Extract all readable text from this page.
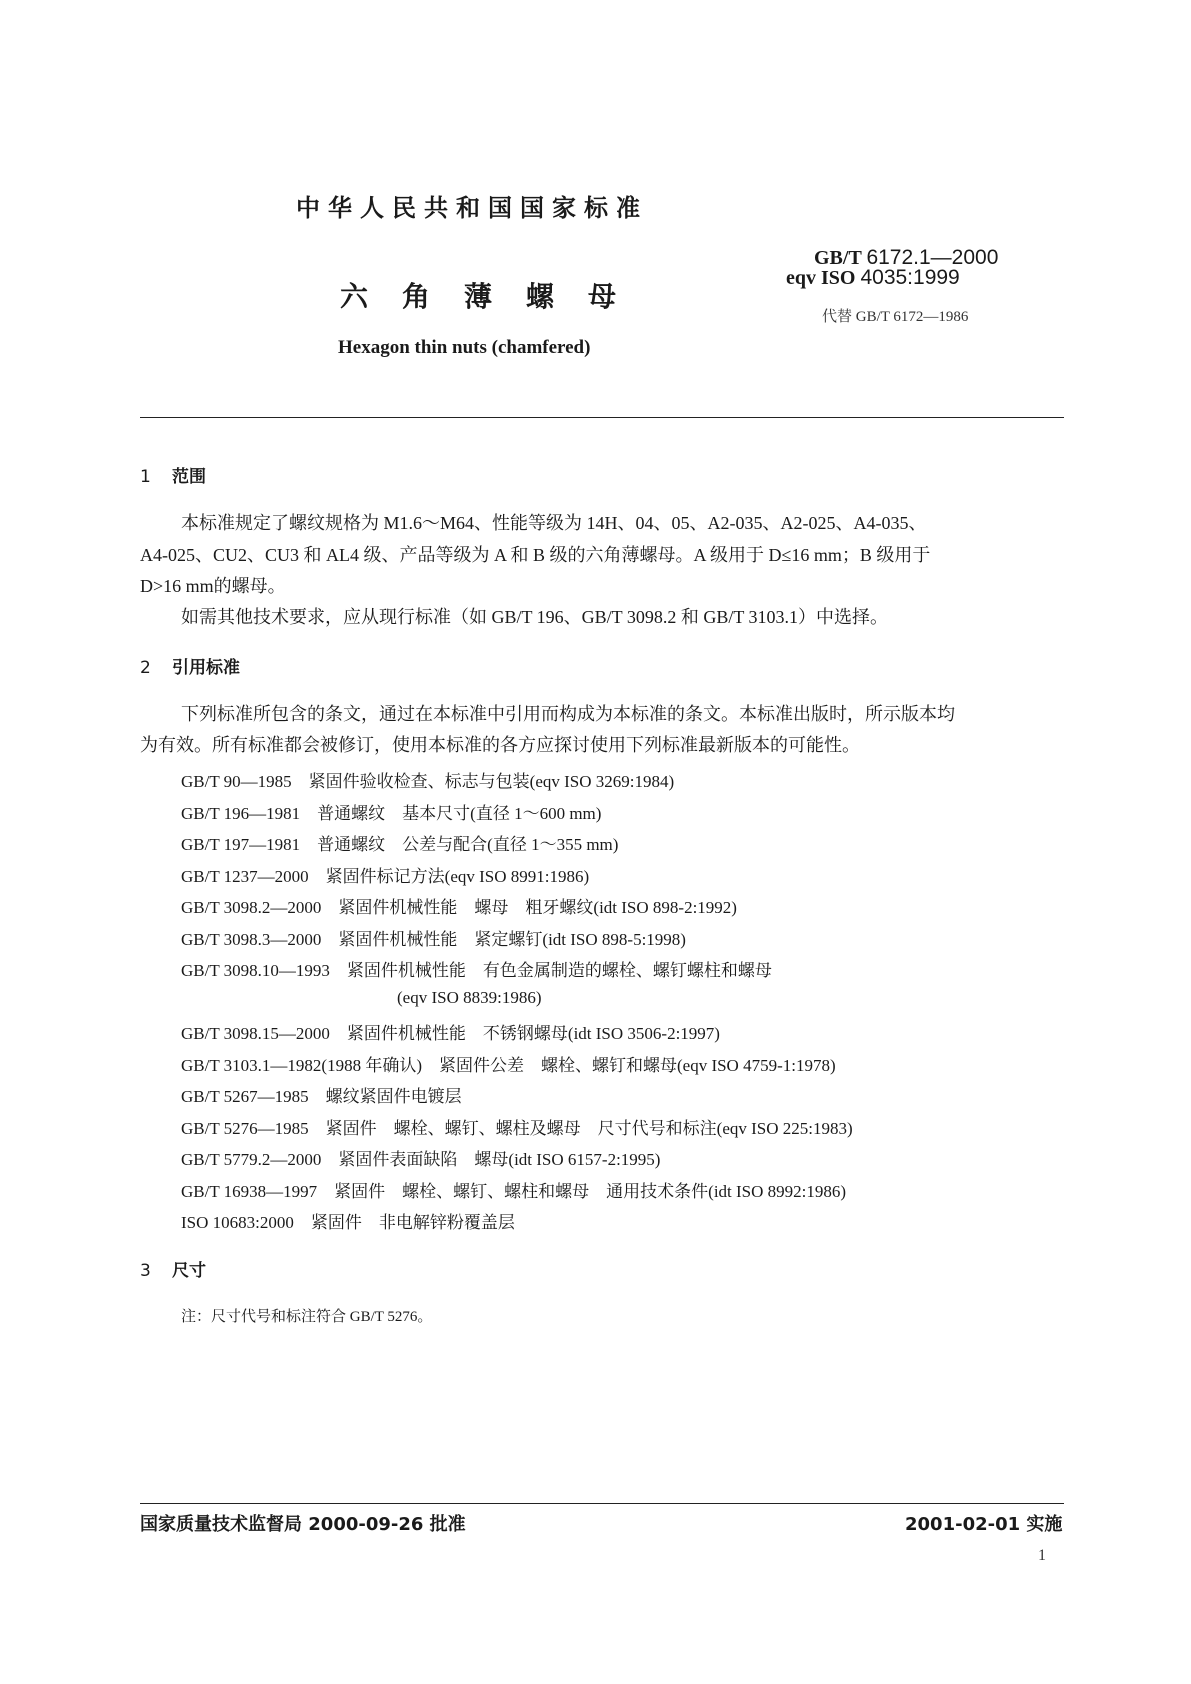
中华人民共和国国家标准
六角薄螺母
Hexagon thin nuts (chamfered)
GB/T 6172.1—2000
eqv ISO 4035:1999
代替 GB/T 6172—1986
1 范围
本标准规定了螺纹规格为 M1.6～M64、性能等级为 14H、04、05、A2-035、A2-025、A4-035、
A4-025、CU2、CU3 和 AL4 级、产品等级为 A 和 B 级的六角薄螺母。A 级用于 D≤16 mm；B 级用于
D>16 mm的螺母。
如需其他技术要求，应从现行标准（如 GB/T 196、GB/T 3098.2 和 GB/T 3103.1）中选择。
2 引用标准
下列标准所包含的条文，通过在本标准中引用而构成为本标准的条文。本标准出版时，所示版本均
为有效。所有标准都会被修订，使用本标准的各方应探讨使用下列标准最新版本的可能性。
GB/T 90—1985　紧固件验收检查、标志与包装(eqv ISO 3269:1984)
GB/T 196—1981　普通螺纹　基本尺寸(直径 1～600 mm)
GB/T 197—1981　普通螺纹　公差与配合(直径 1～355 mm)
GB/T 1237—2000　紧固件标记方法(eqv ISO 8991:1986)
GB/T 3098.2—2000　紧固件机械性能　螺母　粗牙螺纹(idt ISO 898-2:1992)
GB/T 3098.3—2000　紧固件机械性能　紧定螺钉(idt ISO 898-5:1998)
GB/T 3098.10—1993　紧固件机械性能　有色金属制造的螺栓、螺钉螺柱和螺母
(eqv ISO 8839:1986)
GB/T 3098.15—2000　紧固件机械性能　不锈钢螺母(idt ISO 3506-2:1997)
GB/T 3103.1—1982(1988 年确认)　紧固件公差　螺栓、螺钉和螺母(eqv ISO 4759-1:1978)
GB/T 5267—1985　螺纹紧固件电镀层
GB/T 5276—1985　紧固件　螺栓、螺钉、螺柱及螺母　尺寸代号和标注(eqv ISO 225:1983)
GB/T 5779.2—2000　紧固件表面缺陷　螺母(idt ISO 6157-2:1995)
GB/T 16938—1997　紧固件　螺栓、螺钉、螺柱和螺母　通用技术条件(idt ISO 8992:1986)
ISO 10683:2000　紧固件　非电解锌粉覆盖层
3 尺寸
注：尺寸代号和标注符合 GB/T 5276。
国家质量技术监督局 2000-09-26 批准	2001-02-01 实施
1
